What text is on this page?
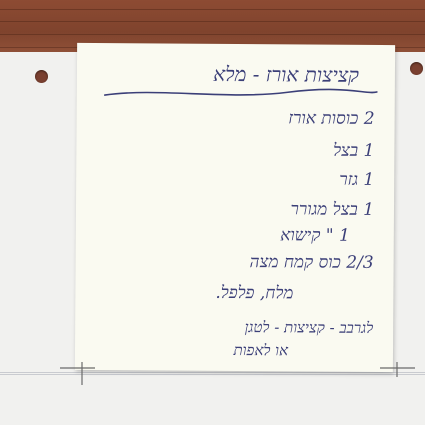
קציצות אורז - מלא
2 כוסות אורז
1 בצל
1 גזר
1 בצל מגורר
1 " קישוא
2/3 כוס קמח מצה
מלח, פלפל.
לגרבב - קציצות - לטגן
או לאפות
